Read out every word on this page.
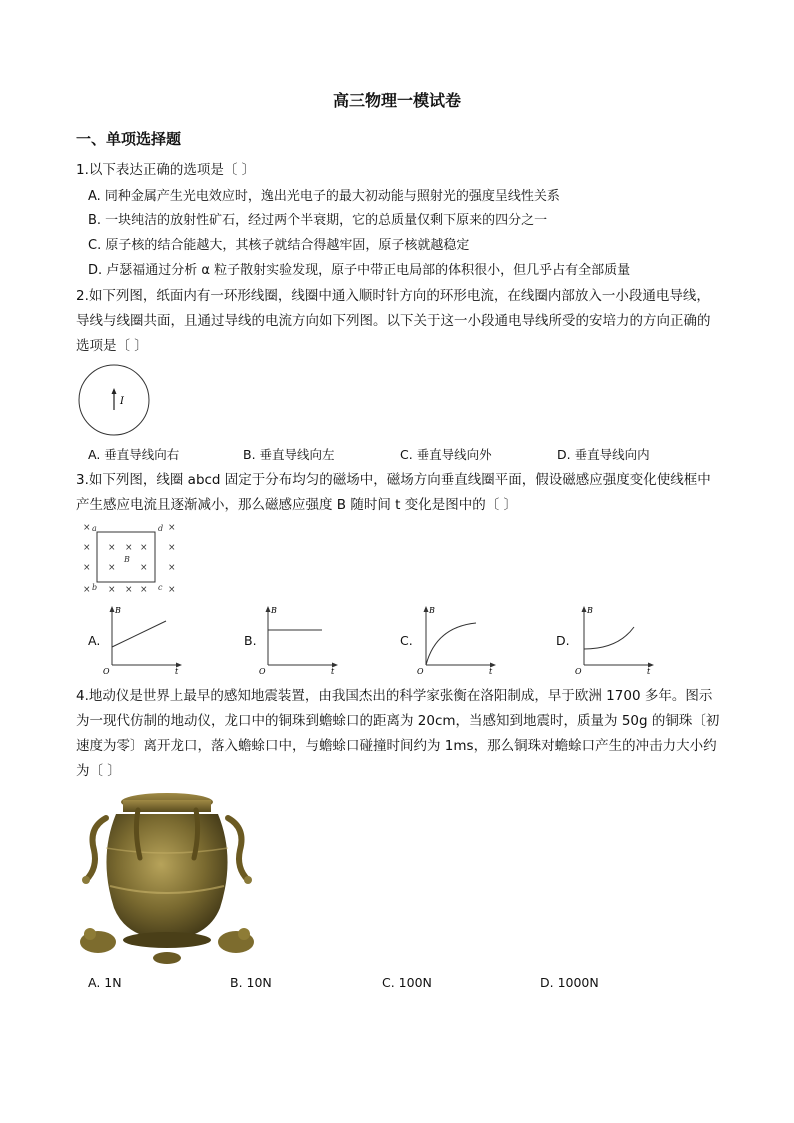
高三物理一模试卷
一、单项选择题
1.以下表达正确的选项是〔 〕
A. 同种金属产生光电效应时，逸出光电子的最大初动能与照射光的强度呈线性关系
B. 一块纯洁的放射性矿石，经过两个半衰期，它的总质量仅剩下原来的四分之一
C. 原子核的结合能越大，其核子就结合得越牢固，原子核就越稳定
D. 卢瑟福通过分析 α 粒子散射实验发现，原子中带正电局部的体积很小，但几乎占有全部质量
2.如下列图，纸面内有一环形线圈，线圈中通入顺时针方向的环形电流，在线圈内部放入一小段通电导线，导线与线圈共面，且通过导线的电流方向如下列图。以下关于这一小段通电导线所受的安培力的方向正确的选项是〔 〕
I
A. 垂直导线向右	B. 垂直导线向左	C. 垂直导线向外	D. 垂直导线向内
3.如下列图，线圈 abcd 固定于分布均匀的磁场中，磁场方向垂直线圈平面，假设磁感应强度变化使线框中产生感应电流且逐渐减小，那么磁感应强度 B 随时间 t 变化是图中的〔 〕
×	×
× × × × ×
× ×	× ×
× × × × ×
a	d
b	c
B
A.
B
t
O
B.
B
t
O
C.
B
t
O
D.
B
t
O
4.地动仪是世界上最早的感知地震装置，由我国杰出的科学家张衡在洛阳制成，早于欧洲 1700 多年。图示为一现代仿制的地动仪，龙口中的铜珠到蟾蜍口的距离为 20cm，当感知到地震时，质量为 50g 的铜珠〔初速度为零〕离开龙口，落入蟾蜍口中，与蟾蜍口碰撞时间约为 1ms，那么铜珠对蟾蜍口产生的冲击力大小约为〔 〕
A. 1N	B. 10N	C. 100N	D. 1000N
